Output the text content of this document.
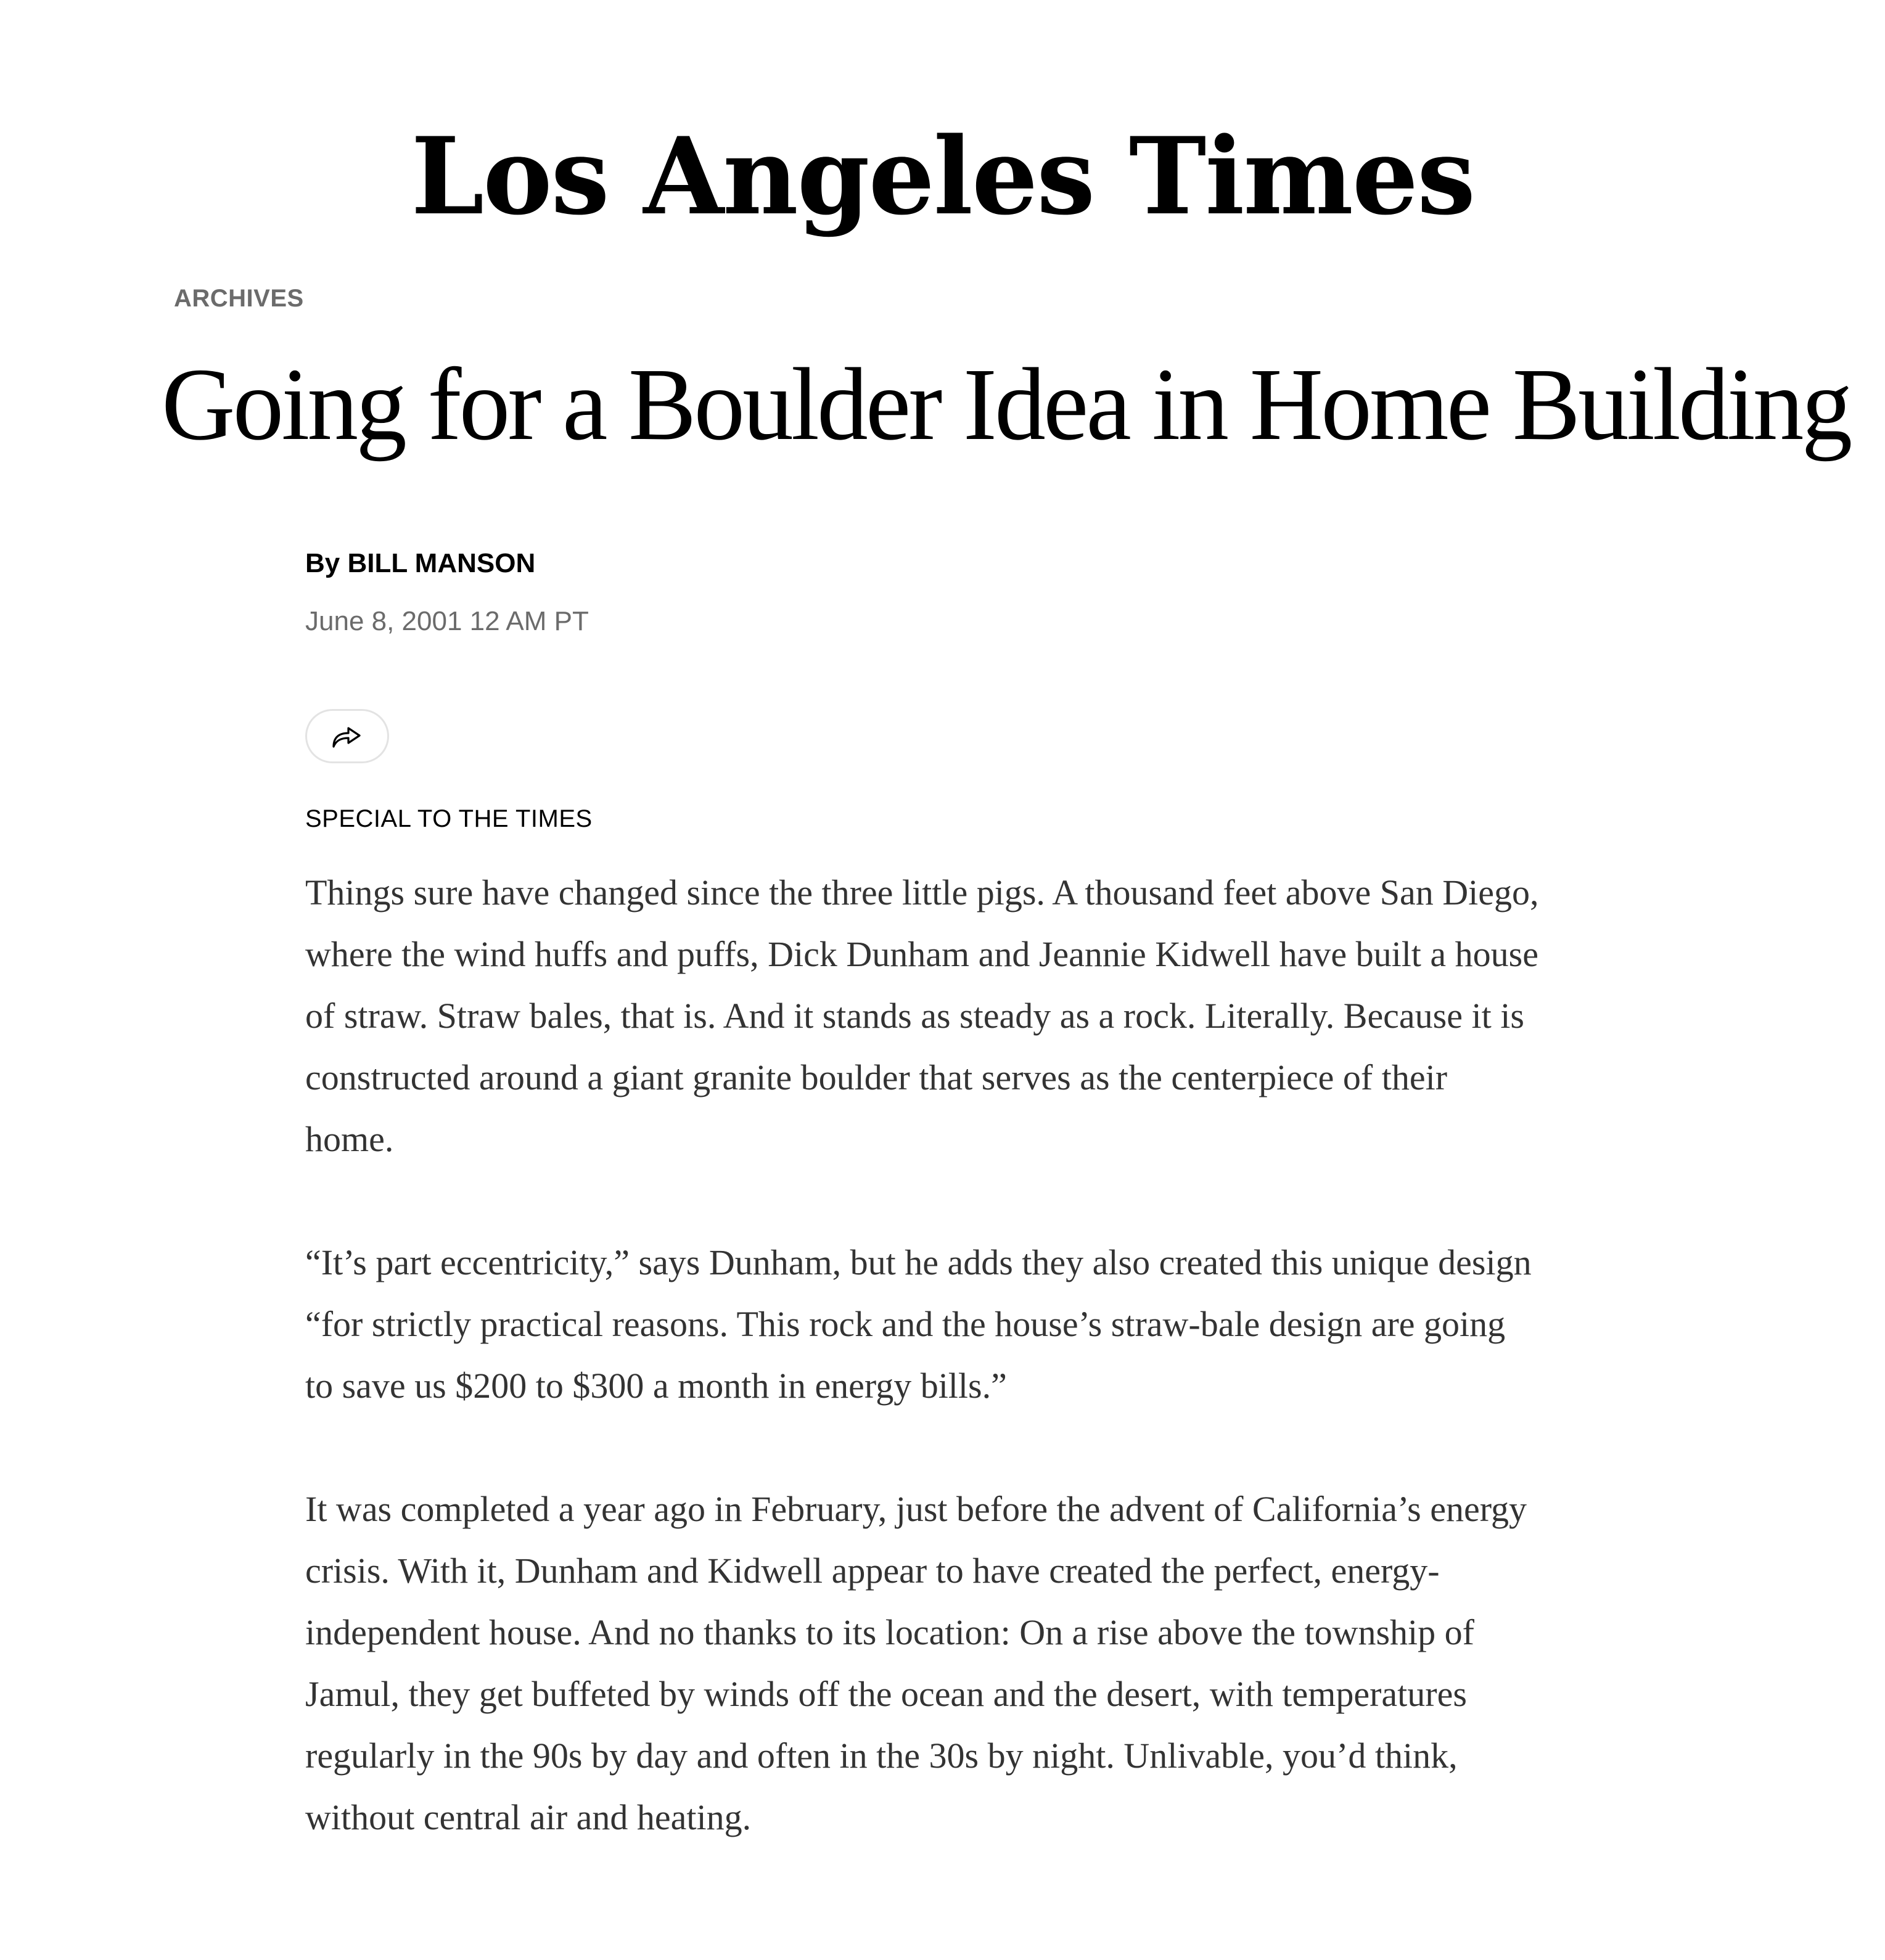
Los Angeles Times
ARCHIVES
Going for a Boulder Idea in Home Building
By BILL MANSON
June 8, 2001 12 AM PT
SPECIAL TO THE TIMES

Things sure have changed since the three little pigs. A thousand feet above San Diego,
where the wind huffs and puffs, Dick Dunham and Jeannie Kidwell have built a house
of straw. Straw bales, that is. And it stands as steady as a rock. Literally. Because it is
constructed around a giant granite boulder that serves as the centerpiece of their
home.

“It’s part eccentricity,” says Dunham, but he adds they also created this unique design
“for strictly practical reasons. This rock and the house’s straw-bale design are going
to save us $200 to $300 a month in energy bills.”

It was completed a year ago in February, just before the advent of California’s energy
crisis. With it, Dunham and Kidwell appear to have created the perfect, energy-
independent house. And no thanks to its location: On a rise above the township of
Jamul, they get buffeted by winds off the ocean and the desert, with temperatures
regularly in the 90s by day and often in the 30s by night. Unlivable, you’d think,
without central air and heating.
